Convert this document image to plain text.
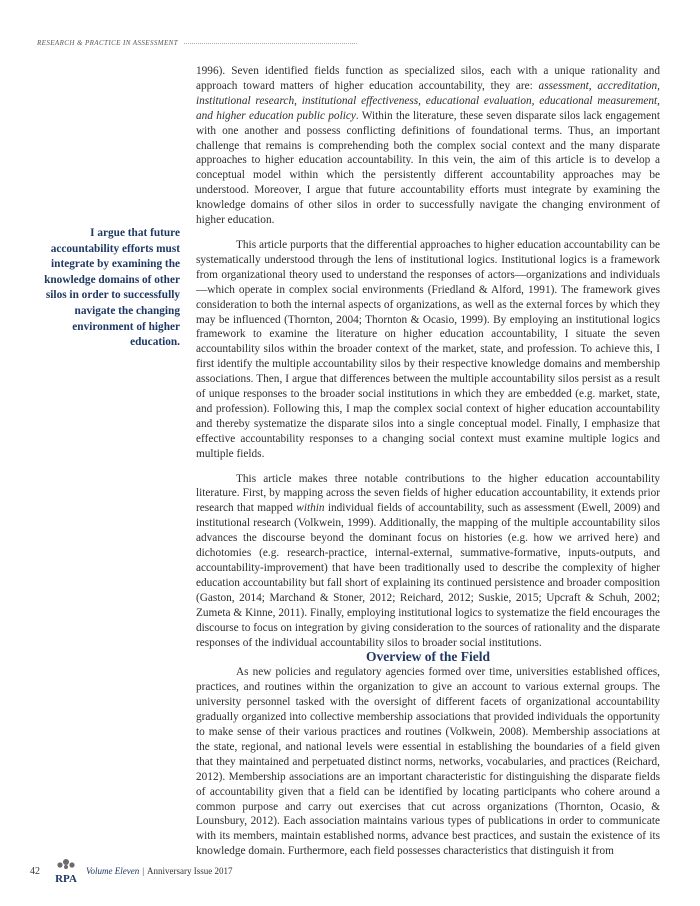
RESEARCH & PRACTICE IN ASSESSMENT
I argue that future accountability efforts must integrate by examining the knowledge domains of other silos in order to successfully navigate the changing environment of higher education.

1996). Seven identified fields function as specialized silos, each with a unique rationality and approach toward matters of higher education accountability, they are: assessment, accreditation, institutional research, institutional effectiveness, educational evaluation, educational measurement, and higher education public policy. Within the literature, these seven disparate silos lack engagement with one another and possess conflicting definitions of foundational terms. Thus, an important challenge that remains is comprehending both the complex social context and the many disparate approaches to higher education accountability. In this vein, the aim of this article is to develop a conceptual model within which the persistently different accountability approaches may be understood. Moreover, I argue that future accountability efforts must integrate by examining the knowledge domains of other silos in order to successfully navigate the changing environment of higher education.

This article purports that the differential approaches to higher education accountability can be systematically understood through the lens of institutional logics. Institutional logics is a framework from organizational theory used to understand the responses of actors—organizations and individuals—which operate in complex social environments (Friedland & Alford, 1991). The framework gives consideration to both the internal aspects of organizations, as well as the external forces by which they may be influenced (Thornton, 2004; Thornton & Ocasio, 1999). By employing an institutional logics framework to examine the literature on higher education accountability, I situate the seven accountability silos within the broader context of the market, state, and profession. To achieve this, I first identify the multiple accountability silos by their respective knowledge domains and membership associations. Then, I argue that differences between the multiple accountability silos persist as a result of unique responses to the broader social institutions in which they are embedded (e.g. market, state, and profession). Following this, I map the complex social context of higher education accountability and thereby systematize the disparate silos into a single conceptual model. Finally, I emphasize that effective accountability responses to a changing social context must examine multiple logics and multiple fields.

This article makes three notable contributions to the higher education accountability literature. First, by mapping across the seven fields of higher education accountability, it extends prior research that mapped within individual fields of accountability, such as assessment (Ewell, 2009) and institutional research (Volkwein, 1999). Additionally, the mapping of the multiple accountability silos advances the discourse beyond the dominant focus on histories (e.g. how we arrived here) and dichotomies (e.g. research-practice, internal-external, summative-formative, inputs-outputs, and accountability-improvement) that have been traditionally used to describe the complexity of higher education accountability but fall short of explaining its continued persistence and broader composition (Gaston, 2014; Marchand & Stoner, 2012; Reichard, 2012; Suskie, 2015; Upcraft & Schuh, 2002; Zumeta & Kinne, 2011). Finally, employing institutional logics to systematize the field encourages the discourse to focus on integration by giving consideration to the sources of rationality and the disparate responses of the individual accountability silos to broader social institutions.

Overview of the Field

As new policies and regulatory agencies formed over time, universities established offices, practices, and routines within the organization to give an account to various external groups. The university personnel tasked with the oversight of different facets of organizational accountability gradually organized into collective membership associations that provided individuals the opportunity to make sense of their various practices and routines (Volkwein, 2008). Membership associations at the state, regional, and national levels were essential in establishing the boundaries of a field given that they maintained and perpetuated distinct norms, networks, vocabularies, and practices (Reichard, 2012). Membership associations are an important characteristic for distinguishing the disparate fields of accountability given that a field can be identified by locating participants who cohere around a common purpose and carry out exercises that cut across organizations (Thornton, Ocasio, & Lounsbury, 2012). Each association maintains various types of publications in order to communicate with its members, maintain established norms, advance best practices, and sustain the existence of its knowledge domain. Furthermore, each field possesses characteristics that distinguish it from

42
RPA
Volume Eleven | Anniversary Issue 2017
